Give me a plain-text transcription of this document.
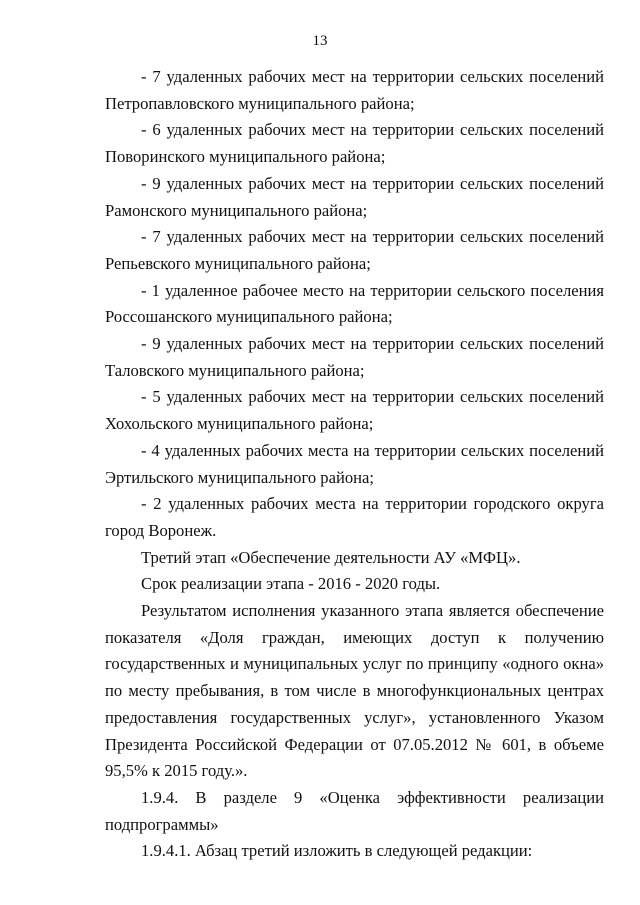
13

- 7 удаленных рабочих мест на территории сельских поселений Петропавловского муниципального района;

- 6 удаленных рабочих мест на территории сельских поселений Поворинского муниципального района;

- 9 удаленных рабочих мест на территории сельских поселений Рамонского муниципального района;

- 7 удаленных рабочих мест на территории сельских поселений Репьевского муниципального района;

- 1 удаленное рабочее место на территории сельского поселения Россошанского муниципального района;

- 9 удаленных рабочих мест на территории сельских поселений Таловского муниципального района;

- 5 удаленных рабочих мест на территории сельских поселений Хохольского муниципального района;

- 4 удаленных рабочих места на территории сельских поселений Эртильского муниципального района;

- 2 удаленных рабочих места на территории городского округа город Воронеж.

Третий этап «Обеспечение деятельности АУ «МФЦ».

Срок реализации этапа - 2016 - 2020 годы.

Результатом исполнения указанного этапа является обеспечение показателя «Доля граждан, имеющих доступ к получению государственных и муниципальных услуг по принципу «одного окна» по месту пребывания, в том числе в многофункциональных центрах предоставления государственных услуг», установленного Указом Президента Российской Федерации от 07.05.2012 № 601, в объеме 95,5% к 2015 году.».

1.9.4. В разделе 9 «Оценка эффективности реализации подпрограммы»

1.9.4.1. Абзац третий изложить в следующей редакции:
